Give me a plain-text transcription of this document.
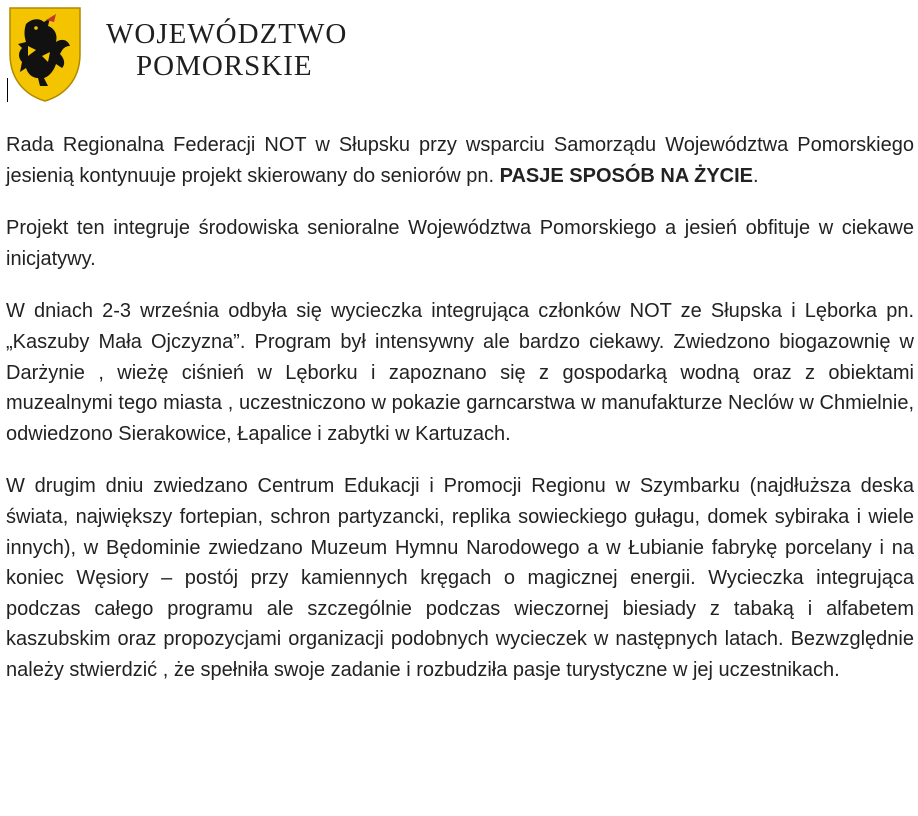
WOJEWÓDZTWO
POMORSKIE

Rada Regionalna Federacji NOT w Słupsku przy wsparciu Samorządu Województwa Pomorskiego jesienią kontynuuje projekt skierowany do seniorów pn. PASJE SPOSÓB NA ŻYCIE.

Projekt ten integruje środowiska senioralne Województwa Pomorskiego a jesień obfituje w ciekawe inicjatywy.

W dniach 2-3 września odbyła się wycieczka integrująca członków NOT ze Słupska i Lęborka pn. „Kaszuby Mała Ojczyzna”. Program był intensywny ale bardzo ciekawy. Zwiedzono biogazownię w Darżynie , wieżę ciśnień w Lęborku i zapoznano się z gospodarką wodną oraz z obiektami muzealnymi tego miasta , uczestniczono w pokazie garncarstwa w manufakturze Neclów w Chmielnie, odwiedzono Sierakowice, Łapalice i zabytki w Kartuzach.

W drugim dniu zwiedzano Centrum Edukacji i Promocji Regionu w Szymbarku (najdłuższa deska świata, największy fortepian, schron partyzancki, replika sowieckiego gułagu, domek sybiraka i wiele innych), w Będominie zwiedzano Muzeum Hymnu Narodowego a w Łubianie fabrykę porcelany i na koniec Węsiory – postój przy kamiennych kręgach o magicznej energii. Wycieczka integrująca podczas całego programu ale szczególnie podczas wieczornej biesiady z tabaką i alfabetem kaszubskim oraz propozycjami organizacji podobnych wycieczek w następnych latach. Bezwzględnie należy stwierdzić , że spełniła swoje zadanie i rozbudziła pasje turystyczne w jej uczestnikach.
